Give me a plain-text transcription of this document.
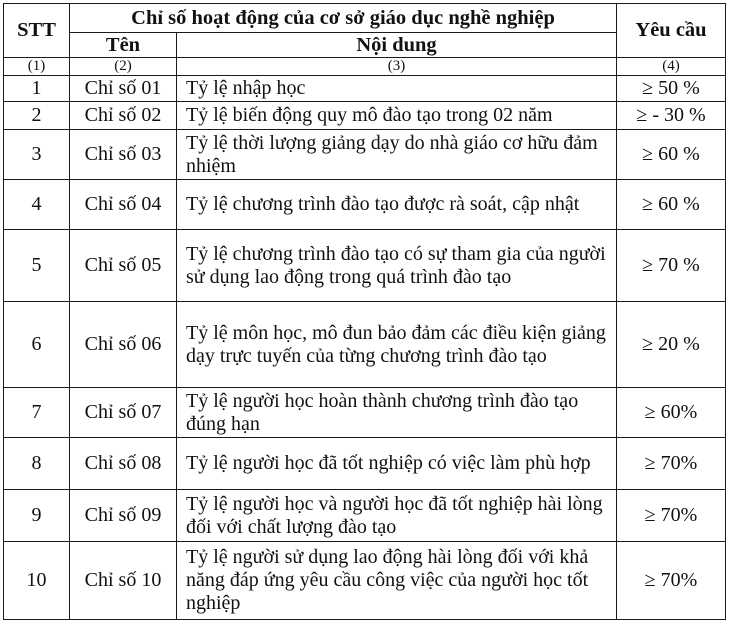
STT	Chỉ số hoạt động của cơ sở giáo dục nghề nghiệp		Yêu cầu
	Tên	Nội dung	
(1)	(2)	(3)	(4)
1	Chỉ số 01	Tỷ lệ nhập học	≥ 50 %
2	Chỉ số 02	Tỷ lệ biến động quy mô đào tạo trong 02 năm	≥ - 30 %
3	Chỉ số 03	Tỷ lệ thời lượng giảng dạy do nhà giáo cơ hữu đảm nhiệm	≥ 60 %
4	Chỉ số 04	Tỷ lệ chương trình đào tạo được rà soát, cập nhật	≥ 60 %
5	Chỉ số 05	Tỷ lệ chương trình đào tạo có sự tham gia của người sử dụng lao động trong quá trình đào tạo	≥ 70 %
6	Chỉ số 06	Tỷ lệ môn học, mô đun bảo đảm các điều kiện giảng dạy trực tuyến của từng chương trình đào tạo	≥ 20 %
7	Chỉ số 07	Tỷ lệ người học hoàn thành chương trình đào tạo đúng hạn	≥ 60%
8	Chỉ số 08	Tỷ lệ người học đã tốt nghiệp có việc làm phù hợp	≥ 70%
9	Chỉ số 09	Tỷ lệ người học và người học đã tốt nghiệp hài lòng đối với chất lượng đào tạo	≥ 70%
10	Chỉ số 10	Tỷ lệ người sử dụng lao động hài lòng đối với khả năng đáp ứng yêu cầu công việc của người học tốt nghiệp	≥ 70%
